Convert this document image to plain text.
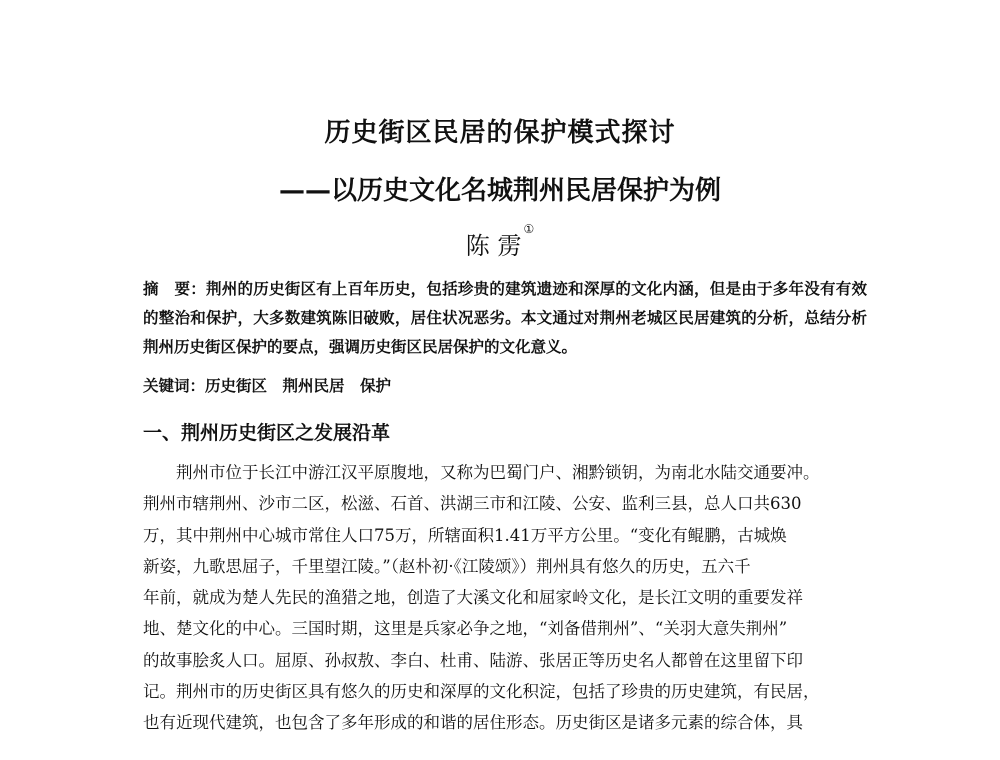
历史街区民居的保护模式探讨
——以历史文化名城荆州民居保护为例
陈 雳①

摘　要：荆州的历史街区有上百年历史，包括珍贵的建筑遗迹和深厚的文化内涵，但是由于多年没有有效的整治和保护，大多数建筑陈旧破败，居住状况恶劣。本文通过对荆州老城区民居建筑的分析，总结分析荆州历史街区保护的要点，强调历史街区民居保护的文化意义。

关键词：历史街区　荆州民居　保护

一、荆州历史街区之发展沿革
荆州市位于长江中游江汉平原腹地，又称为巴蜀门户、湘黔锁钥，为南北水陆交通要冲。
荆州市辖荆州、沙市二区，松滋、石首、洪湖三市和江陵、公安、监利三县，总人口共630
万，其中荆州中心城市常住人口75万，所辖面积1.41万平方公里。“变化有鲲鹏，古城焕
新姿，九歌思屈子，千里望江陵。”（赵朴初·《江陵颂》）荆州具有悠久的历史，五六千
年前，就成为楚人先民的渔猎之地，创造了大溪文化和屈家岭文化，是长江文明的重要发祥
地、楚文化的中心。三国时期，这里是兵家必争之地，“刘备借荆州”、“关羽大意失荆州”
的故事脍炙人口。屈原、孙叔敖、李白、杜甫、陆游、张居正等历史名人都曾在这里留下印
记。荆州市的历史街区具有悠久的历史和深厚的文化积淀，包括了珍贵的历史建筑，有民居，
也有近现代建筑，也包含了多年形成的和谐的居住形态。历史街区是诸多元素的综合体，具
